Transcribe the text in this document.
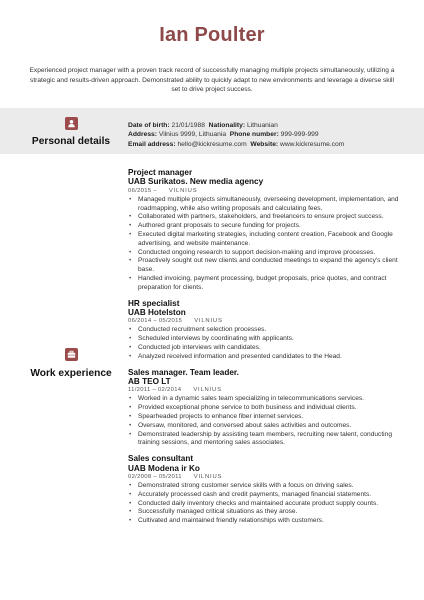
Ian Poulter
Experienced project manager with a proven track record of successfully managing multiple projects simultaneously, utilizing a strategic and results-driven approach. Demonstrated ability to quickly adapt to new environments and leverage a diverse skill set to drive project success.
Personal details
Date of birth: 21/01/1988 Nationality: Lithuanian
Address: Vilnius 9999, Lithuania Phone number: 999-999-999
Email address: hello@kickresume.com Website: www.kickresume.com
Work experience
Project manager
UAB Surikatos. New media agency
06/2015 – VILNIUS
• Managed multiple projects simultaneously, overseeing development, implementation, and roadmapping, while also writing proposals and calculating fees.
• Collaborated with partners, stakeholders, and freelancers to ensure project success.
• Authored grant proposals to secure funding for projects.
• Executed digital marketing strategies, including content creation, Facebook and Google advertising, and website maintenance.
• Conducted ongoing research to support decision-making and improve processes.
• Proactively sought out new clients and conducted meetings to expand the agency's client base.
• Handled invoicing, payment processing, budget proposals, price quotes, and contract preparation for clients.
HR specialist
UAB Hotelston
06/2014 – 05/2015 VILNIUS
• Conducted recruitment selection processes.
• Scheduled interviews by coordinating with applicants.
• Conducted job interviews with candidates.
• Analyzed received information and presented candidates to the Head.
Sales manager. Team leader.
AB TEO LT
11/2011 – 02/2014 VILNIUS
• Worked in a dynamic sales team specializing in telecommunications services.
• Provided exceptional phone service to both business and individual clients.
• Spearheaded projects to enhance fiber internet services.
• Oversaw, monitored, and conversed about sales activities and outcomes.
• Demonstrated leadership by assisting team members, recruiting new talent, conducting training sessions, and mentoring sales associates.
Sales consultant
UAB Modena ir Ko
02/2008 – 05/2011 VILNIUS
• Demonstrated strong customer service skills with a focus on driving sales.
• Accurately processed cash and credit payments, managed financial statements.
• Conducted daily inventory checks and maintained accurate product supply counts.
• Successfully managed critical situations as they arose.
• Cultivated and maintained friendly relationships with customers.
